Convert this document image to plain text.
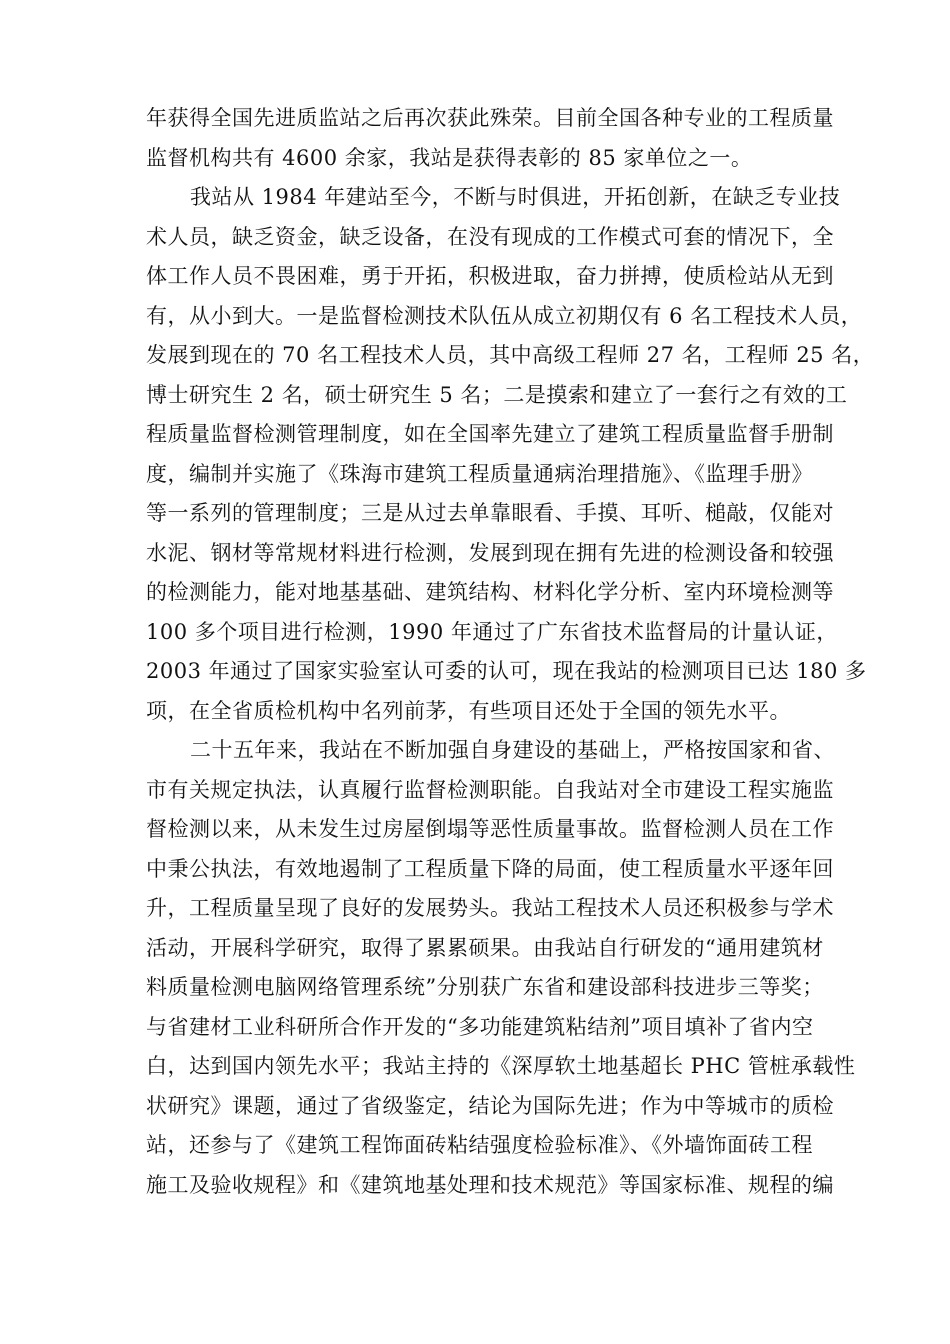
年获得全国先进质监站之后再次获此殊荣。目前全国各种专业的工程质量
监督机构共有 4600 余家，我站是获得表彰的 85 家单位之一。
我站从 1984 年建站至今，不断与时俱进，开拓创新，在缺乏专业技
术人员，缺乏资金，缺乏设备，在没有现成的工作模式可套的情况下，全
体工作人员不畏困难，勇于开拓，积极进取，奋力拼搏，使质检站从无到
有，从小到大。一是监督检测技术队伍从成立初期仅有 6 名工程技术人员，
发展到现在的 70 名工程技术人员，其中高级工程师 27 名，工程师 25 名，
博士研究生 2 名，硕士研究生 5 名；二是摸索和建立了一套行之有效的工
程质量监督检测管理制度，如在全国率先建立了建筑工程质量监督手册制
度，编制并实施了《珠海市建筑工程质量通病治理措施》、《监理手册》
等一系列的管理制度；三是从过去单靠眼看、手摸、耳听、槌敲，仅能对
水泥、钢材等常规材料进行检测，发展到现在拥有先进的检测设备和较强
的检测能力，能对地基基础、建筑结构、材料化学分析、室内环境检测等
100 多个项目进行检测，1990 年通过了广东省技术监督局的计量认证，
2003 年通过了国家实验室认可委的认可，现在我站的检测项目已达 180 多
项，在全省质检机构中名列前茅，有些项目还处于全国的领先水平。
二十五年来，我站在不断加强自身建设的基础上，严格按国家和省、
市有关规定执法，认真履行监督检测职能。自我站对全市建设工程实施监
督检测以来，从未发生过房屋倒塌等恶性质量事故。监督检测人员在工作
中秉公执法，有效地遏制了工程质量下降的局面，使工程质量水平逐年回
升，工程质量呈现了良好的发展势头。我站工程技术人员还积极参与学术
活动，开展科学研究，取得了累累硕果。由我站自行研发的“通用建筑材
料质量检测电脑网络管理系统”分别获广东省和建设部科技进步三等奖；
与省建材工业科研所合作开发的“多功能建筑粘结剂”项目填补了省内空
白，达到国内领先水平；我站主持的《深厚软土地基超长 PHC 管桩承载性
状研究》课题，通过了省级鉴定，结论为国际先进；作为中等城市的质检
站，还参与了《建筑工程饰面砖粘结强度检验标准》、《外墙饰面砖工程
施工及验收规程》和《建筑地基处理和技术规范》等国家标准、规程的编
